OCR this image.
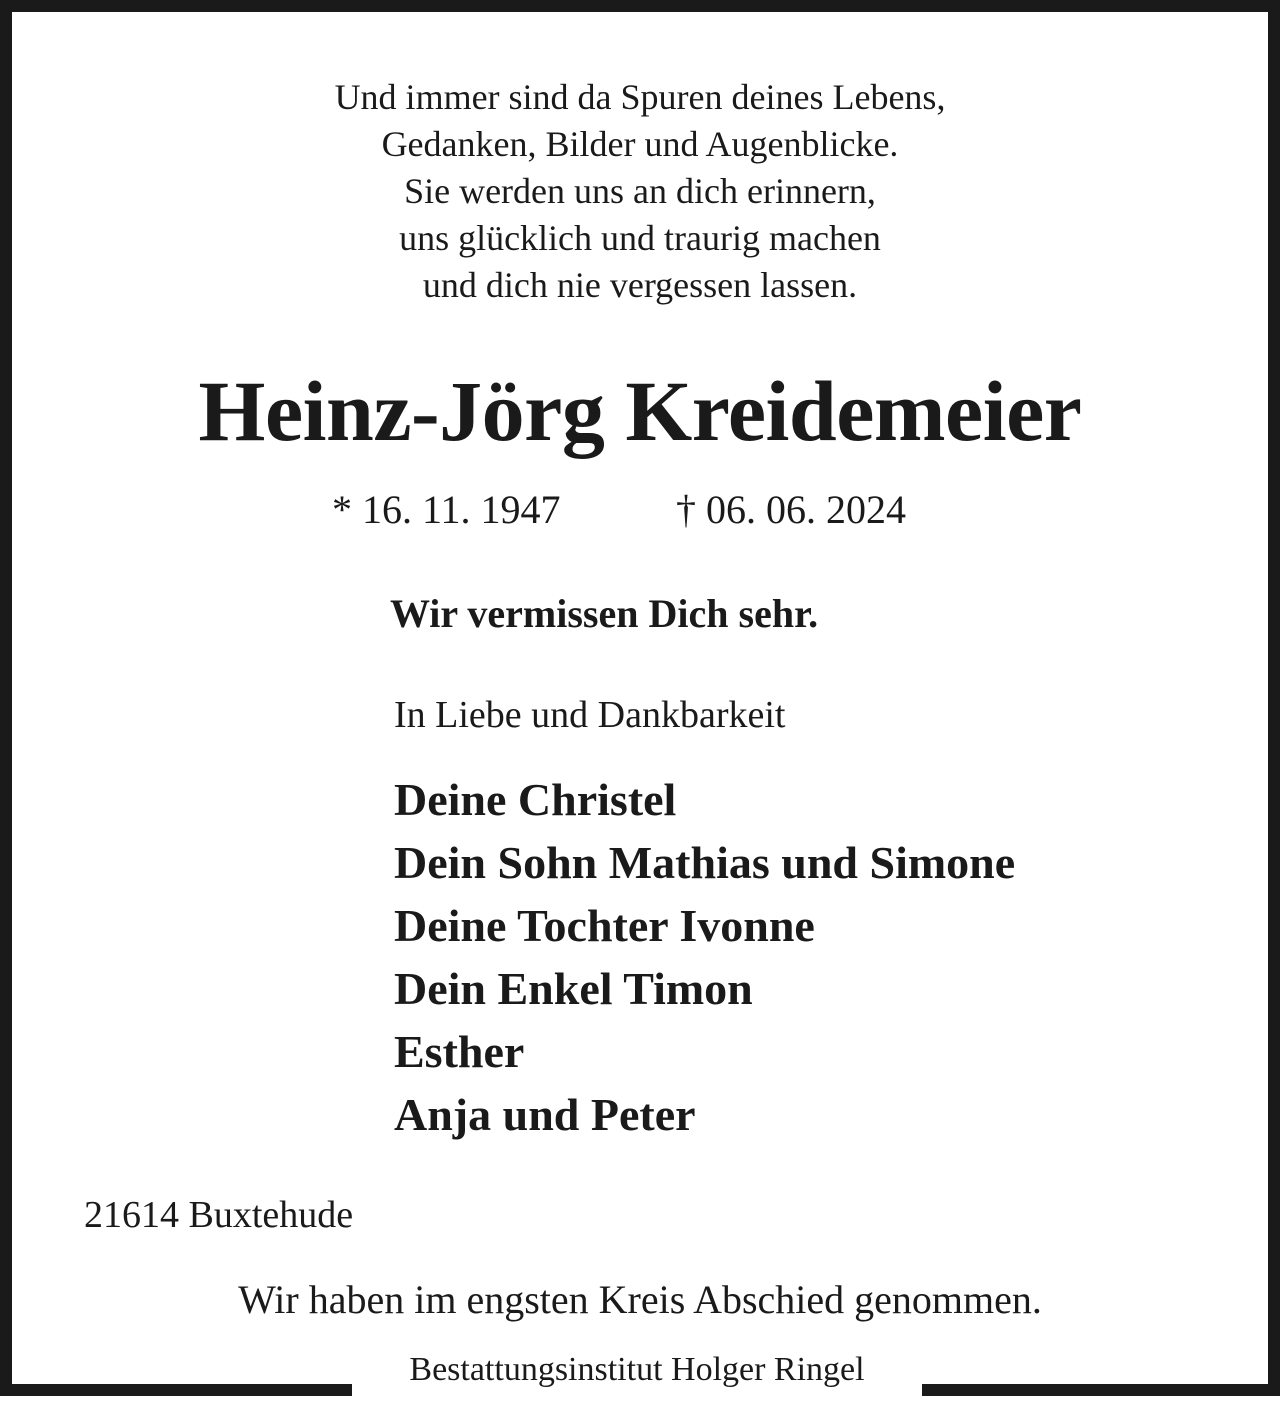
Und immer sind da Spuren deines Lebens,
Gedanken, Bilder und Augenblicke.
Sie werden uns an dich erinnern,
uns glücklich und traurig machen
und dich nie vergessen lassen.
Heinz-Jörg Kreidemeier
* 16. 11. 1947	† 06. 06. 2024
Wir vermissen Dich sehr.
In Liebe und Dankbarkeit
Deine Christel
Dein Sohn Mathias und Simone
Deine Tochter Ivonne
Dein Enkel Timon
Esther
Anja und Peter
21614 Buxtehude
Wir haben im engsten Kreis Abschied genommen.
Bestattungsinstitut Holger Ringel
